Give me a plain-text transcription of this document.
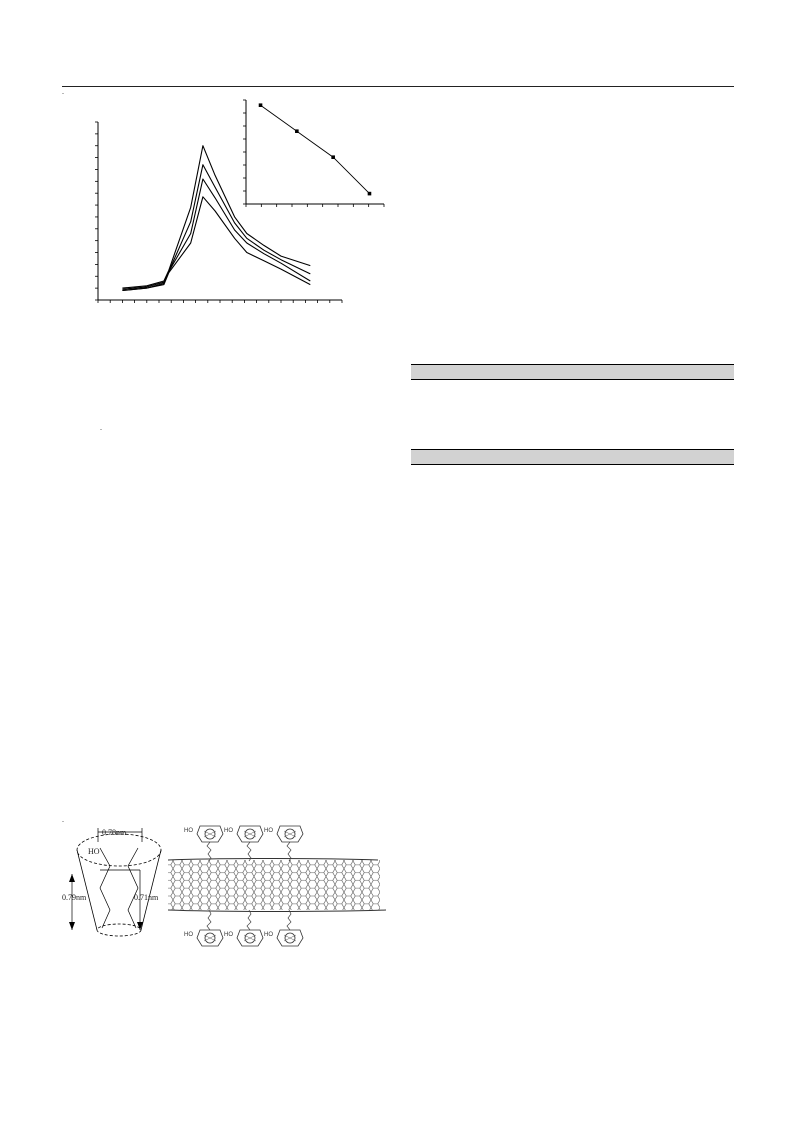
.
.
.
0.78nm
0.79nm	0.71nm
HO
HO
HO
HO
HO
HO
HO
